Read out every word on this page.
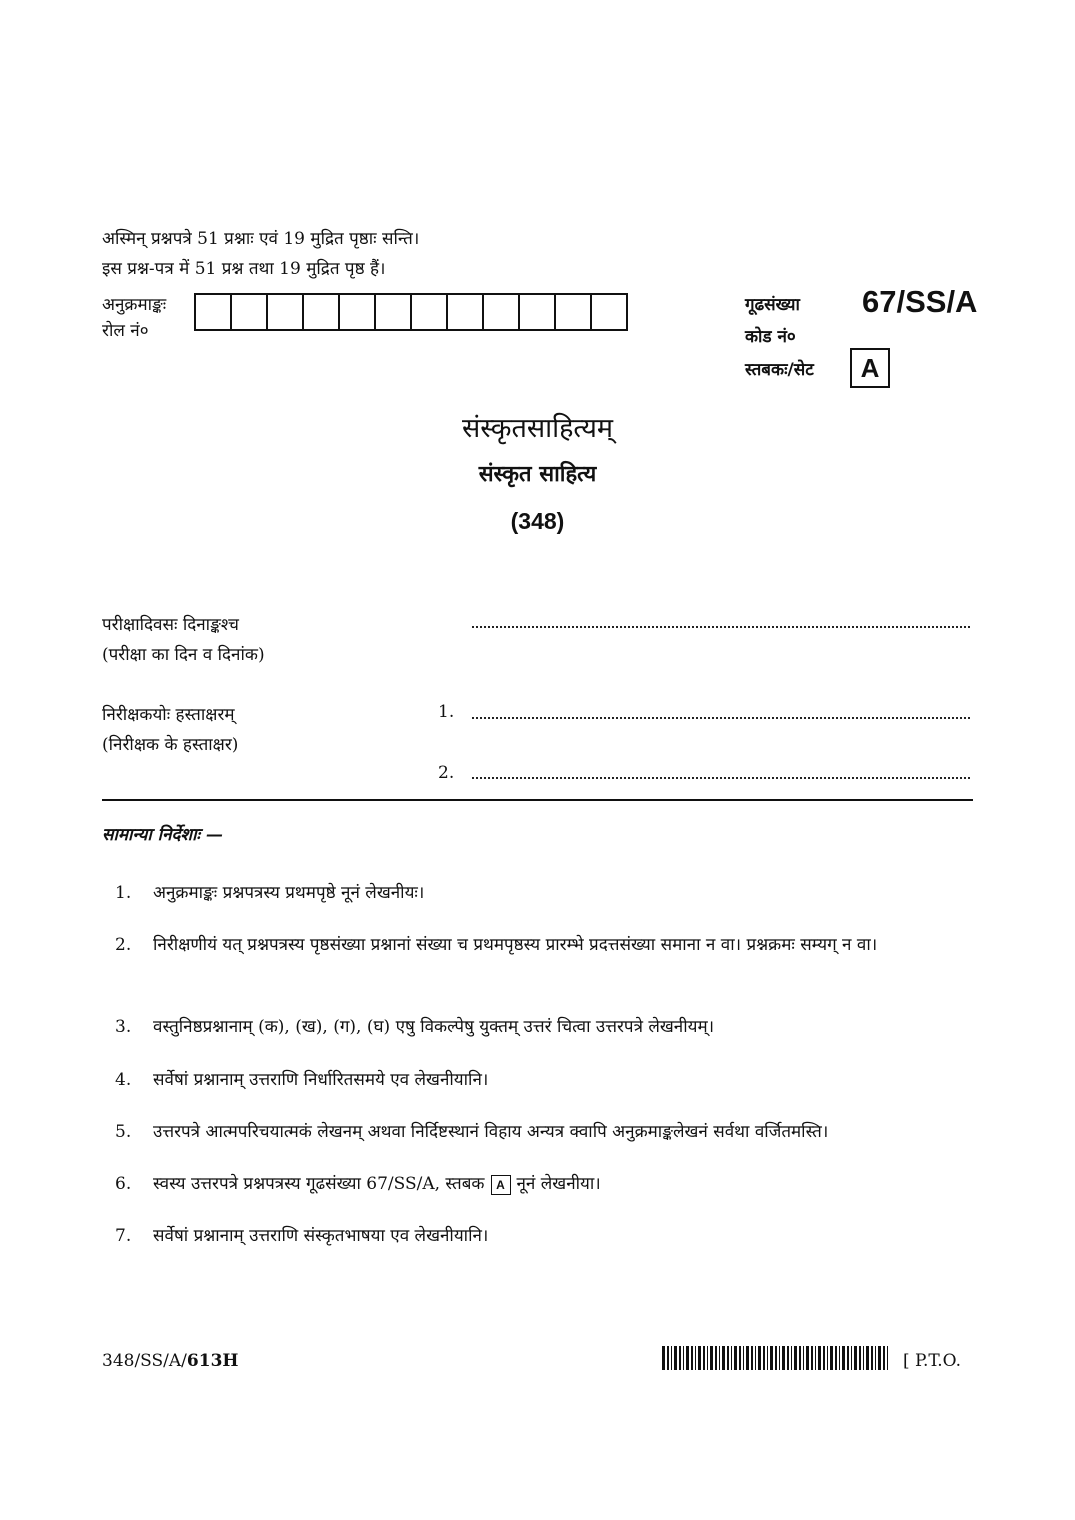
अस्मिन् प्रश्नपत्रे 51 प्रश्नाः एवं 19 मुद्रित पृष्ठाः सन्ति।
इस प्रश्न-पत्र में 51 प्रश्न तथा 19 मुद्रित पृष्ठ हैं।
अनुक्रमाङ्कः
रोल नं०
गूढसंख्या
कोड नं०
67/SS/A
स्तबकः/सेट	A
संस्कृतसाहित्यम्
संस्कृत साहित्य
(348)
परीक्षादिवसः दिनाङ्कश्च
(परीक्षा का दिन व दिनांक)
निरीक्षकयोः हस्ताक्षरम्
(निरीक्षक के हस्ताक्षर)
1.
2.
सामान्या निर्देशाः —
1. अनुक्रमाङ्कः प्रश्नपत्रस्य प्रथमपृष्ठे नूनं लेखनीयः।
2. निरीक्षणीयं यत् प्रश्नपत्रस्य पृष्ठसंख्या प्रश्नानां संख्या च प्रथमपृष्ठस्य प्रारम्भे प्रदत्तसंख्या समाना न वा। प्रश्नक्रमः सम्यग् न वा।
3. वस्तुनिष्ठप्रश्नानाम् (क), (ख), (ग), (घ) एषु विकल्पेषु युक्तम् उत्तरं चित्वा उत्तरपत्रे लेखनीयम्।
4. सर्वेषां प्रश्नानाम् उत्तराणि निर्धारितसमये एव लेखनीयानि।
5. उत्तरपत्रे आत्मपरिचयात्मकं लेखनम् अथवा निर्दिष्टस्थानं विहाय अन्यत्र क्वापि अनुक्रमाङ्कलेखनं सर्वथा वर्जितमस्ति।
6. स्वस्य उत्तरपत्रे प्रश्नपत्रस्य गूढसंख्या 67/SS/A, स्तबक A नूनं लेखनीया।
7. सर्वेषां प्रश्नानाम् उत्तराणि संस्कृतभाषया एव लेखनीयानि।
348/SS/A/613H	[ P.T.O.
